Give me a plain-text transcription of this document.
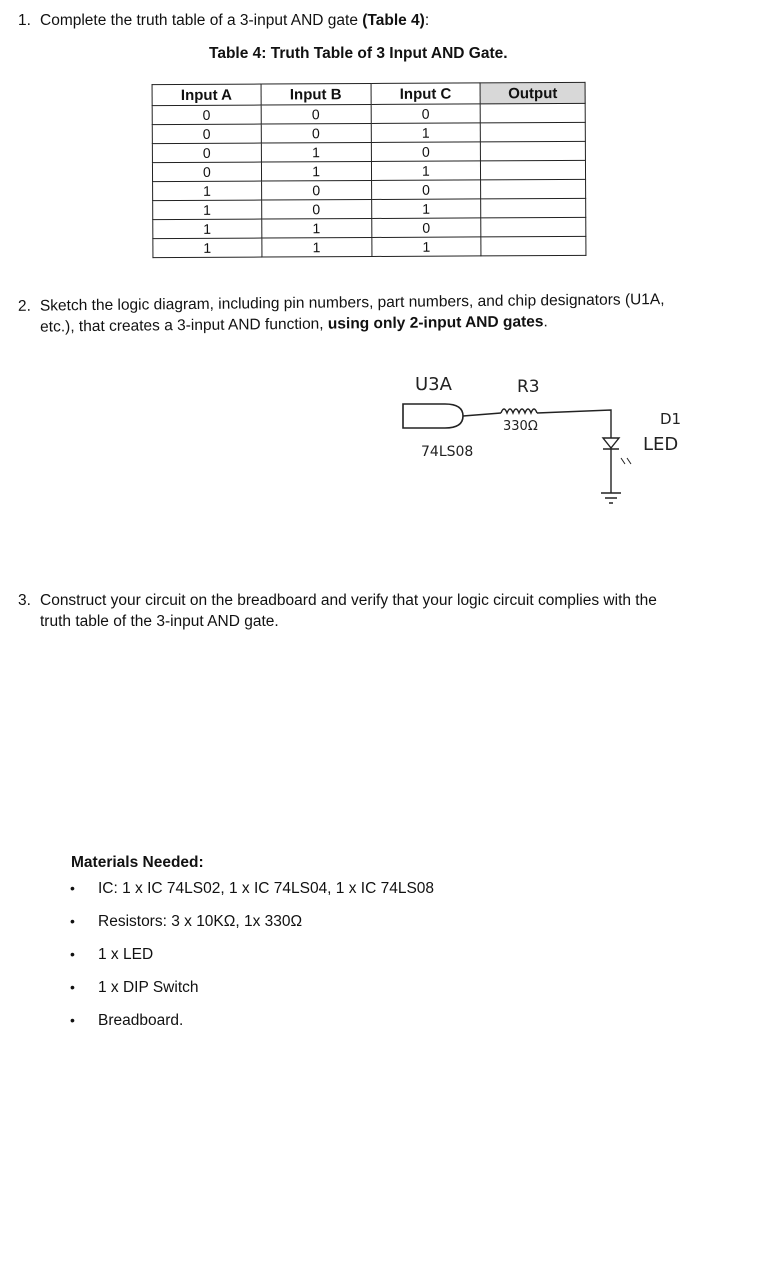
1. Complete the truth table of a 3-input AND gate (Table 4):
Table 4: Truth Table of 3 Input AND Gate.
Input A	Input B	Input C	Output
0	0	0	
0	0	1	
0	1	0	
0	1	1	
1	0	0	
1	0	1	
1	1	0	
1	1	1	
2. Sketch the logic diagram, including pin numbers, part numbers, and chip designators (U1A,
etc.), that creates a 3-input AND function, using only 2-input AND gates.
U3A
74LS08
R3
330Ω	D1
LED
3. Construct your circuit on the breadboard and verify that your logic circuit complies with the
truth table of the 3-input AND gate.
Materials Needed:
• IC: 1 x IC 74LS02, 1 x IC 74LS04, 1 x IC 74LS08
• Resistors: 3 x 10KΩ, 1x 330Ω
• 1 x LED
• 1 x DIP Switch
• Breadboard.
